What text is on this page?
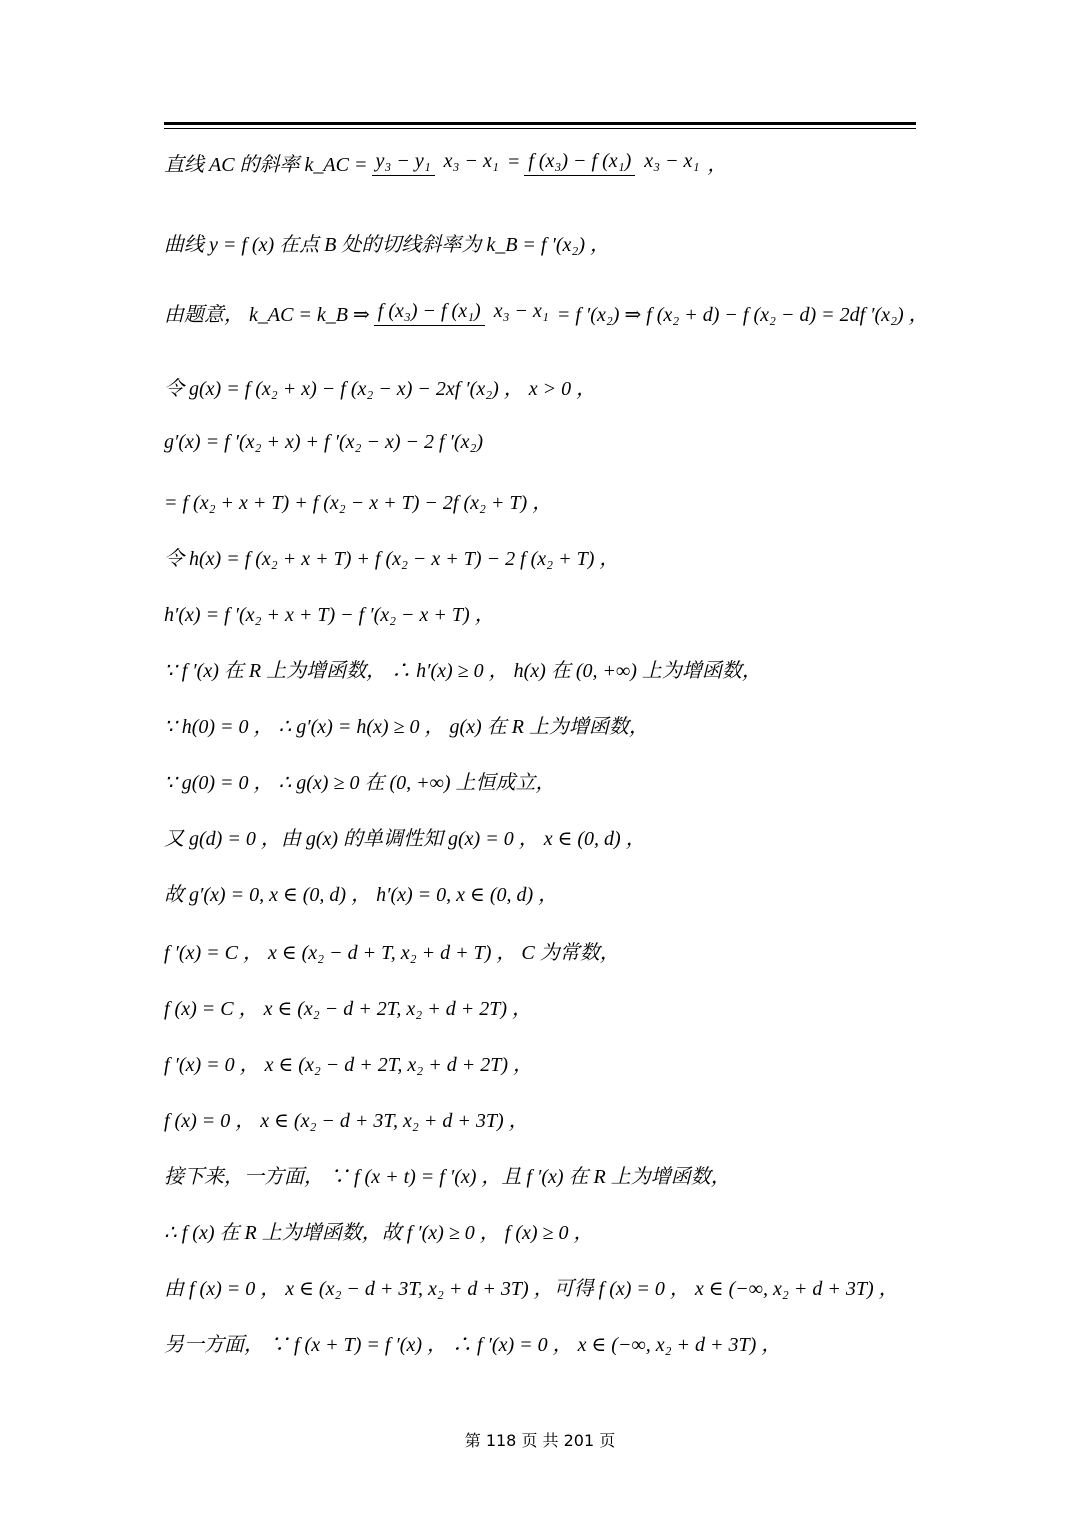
直线 AC 的斜率 k_AC = y₃ − y₁ x₃ − x₁ = f (x₃) − f (x₁) x₃ − x₁ ，
曲线 y = f (x) 在点 B 处的切线斜率为 k_B = f ′(x₂) ，
由题意， k_AC = k_B ⇒ f (x₃) − f (x₁) x₃ − x₁ = f ′(x₂) ⇒ f (x₂ + d) − f (x₂ − d) = 2df ′(x₂) ，
令 g(x) = f (x₂ + x) − f (x₂ − x) − 2xf ′(x₂) ， x > 0 ，
g′(x) = f ′(x₂ + x) + f ′(x₂ − x) − 2 f ′(x₂)
= f (x₂ + x + T) + f (x₂ − x + T) − 2f (x₂ + T) ，
令 h(x) = f (x₂ + x + T) + f (x₂ − x + T) − 2 f (x₂ + T) ，
h′(x) = f ′(x₂ + x + T) − f ′(x₂ − x + T) ，
∵ f ′(x) 在 R 上为增函数， ∴ h′(x) ≥ 0 ， h(x) 在 (0, +∞) 上为增函数，
∵ h(0) = 0 ， ∴ g′(x) = h(x) ≥ 0 ， g(x) 在 R 上为增函数，
∵ g(0) = 0 ， ∴ g(x) ≥ 0 在 (0, +∞) 上恒成立，
又 g(d) = 0 ，由 g(x) 的单调性知 g(x) = 0 ， x ∈ (0, d) ，
故 g′(x) = 0, x ∈ (0, d) ， h′(x) = 0, x ∈ (0, d) ，
f ′(x) = C ， x ∈ (x₂ − d + T, x₂ + d + T) ， C 为常数，
f (x) = C ， x ∈ (x₂ − d + 2T, x₂ + d + 2T) ，
f ′(x) = 0 ， x ∈ (x₂ − d + 2T, x₂ + d + 2T) ，
f (x) = 0 ， x ∈ (x₂ − d + 3T, x₂ + d + 3T) ，
接下来，一方面， ∵ f (x + t) = f ′(x) ，且 f ′(x) 在 R 上为增函数，
∴ f (x) 在 R 上为增函数，故 f ′(x) ≥ 0 ， f (x) ≥ 0 ，
由 f (x) = 0 ， x ∈ (x₂ − d + 3T, x₂ + d + 3T) ，可得 f (x) = 0 ， x ∈ (−∞, x₂ + d + 3T) ，
另一方面， ∵ f (x + T) = f ′(x) ， ∴ f ′(x) = 0 ， x ∈ (−∞, x₂ + d + 3T) ，
第 118 页 共 201 页
